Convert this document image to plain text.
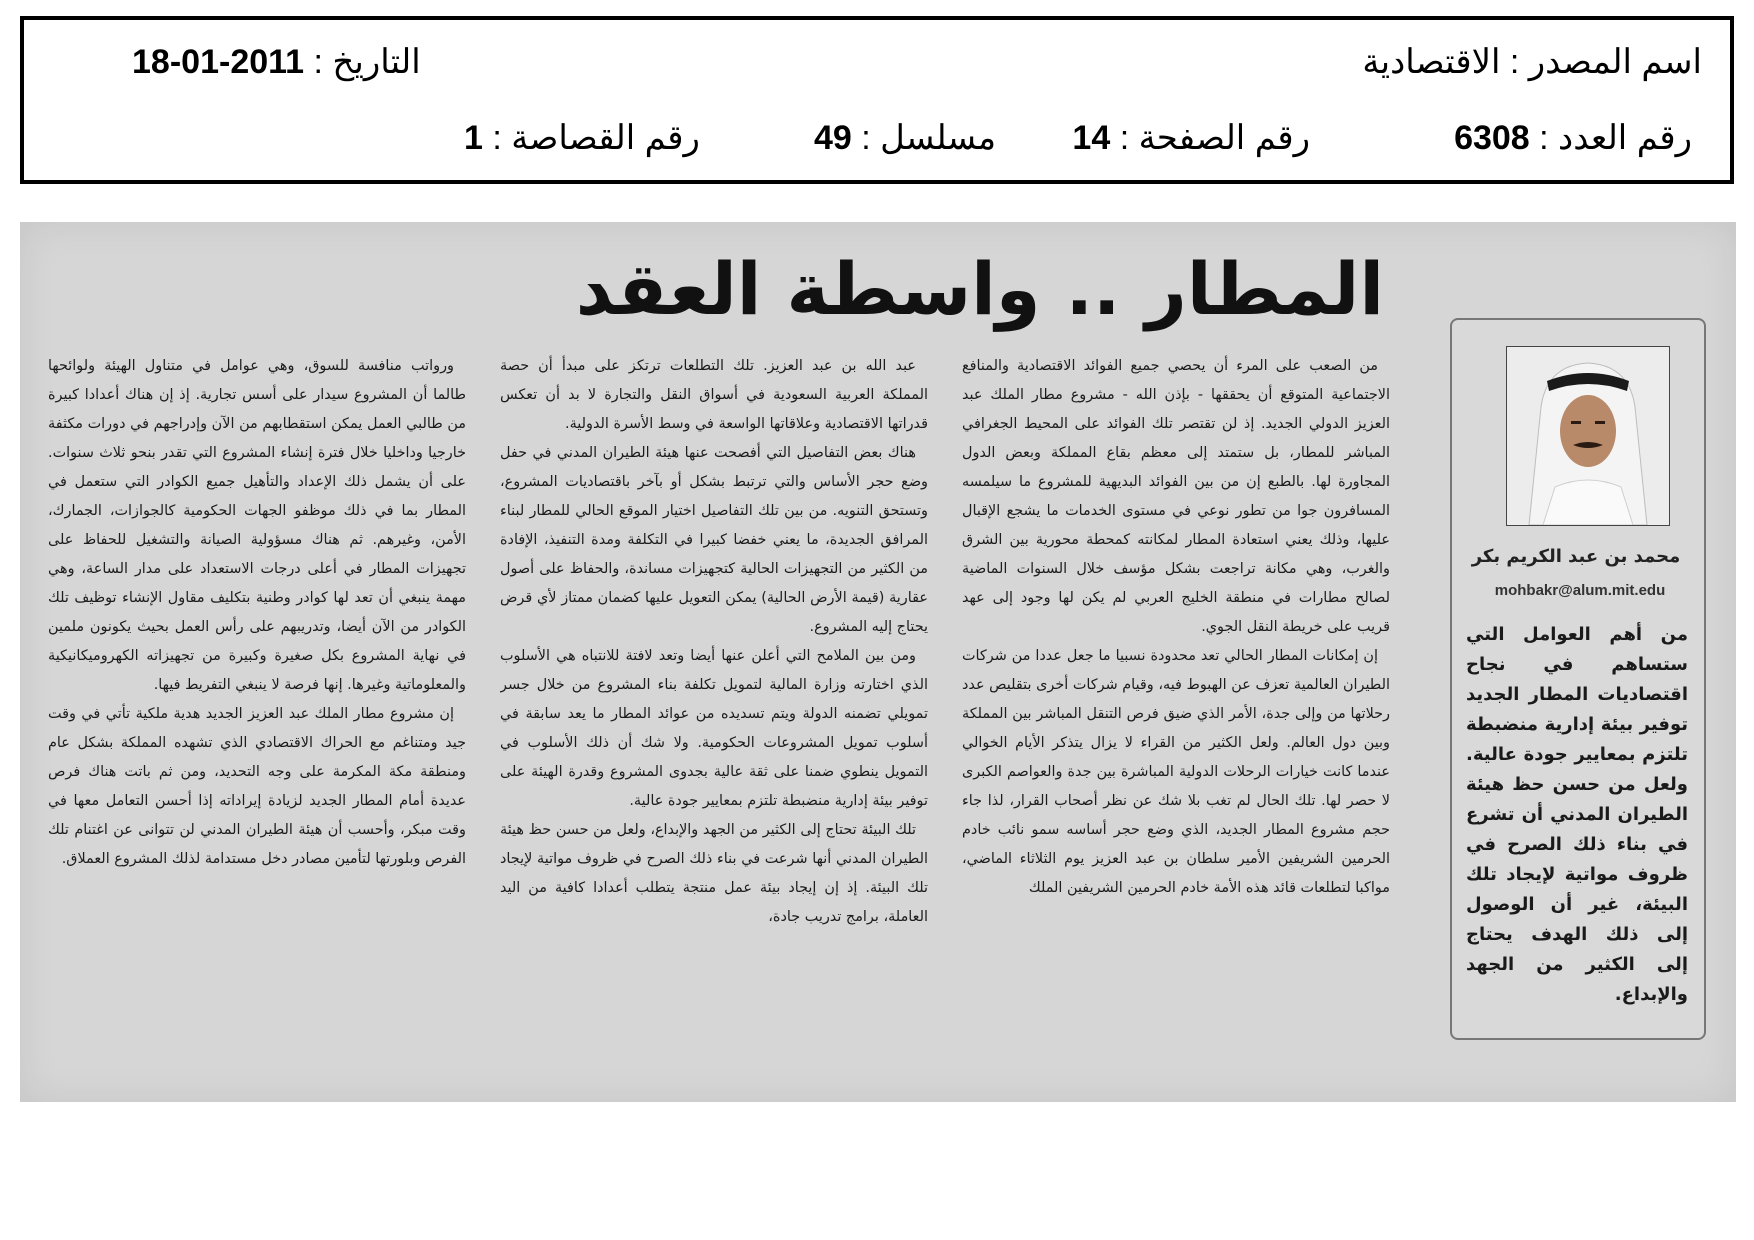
اسم المصدر : الاقتصادية
التاريخ : 2011-01-18
رقم العدد : 6308
رقم الصفحة : 14
مسلسل : 49
رقم القصاصة : 1
المطار .. واسطة العقد

من الصعب على المرء أن يحصي جميع الفوائد الاقتصادية والمنافع الاجتماعية المتوقع أن يحققها - بإذن الله - مشروع مطار الملك عبد العزيز الدولي الجديد. إذ لن تقتصر تلك الفوائد على المحيط الجغرافي المباشر للمطار، بل ستمتد إلى معظم بقاع المملكة وبعض الدول المجاورة لها. بالطبع إن من بين الفوائد البديهية للمشروع ما سيلمسه المسافرون جوا من تطور نوعي في مستوى الخدمات ما يشجع الإقبال عليها، وذلك يعني استعادة المطار لمكانته كمحطة محورية بين الشرق والغرب، وهي مكانة تراجعت بشكل مؤسف خلال السنوات الماضية لصالح مطارات في منطقة الخليج العربي لم يكن لها وجود إلى عهد قريب على خريطة النقل الجوي.

إن إمكانات المطار الحالي تعد محدودة نسبيا ما جعل عددا من شركات الطيران العالمية تعزف عن الهبوط فيه، وقيام شركات أخرى بتقليص عدد رحلاتها من وإلى جدة، الأمر الذي ضيق فرص التنقل المباشر بين المملكة وبين دول العالم. ولعل الكثير من القراء لا يزال يتذكر الأيام الخوالي عندما كانت خيارات الرحلات الدولية المباشرة بين جدة والعواصم الكبرى لا حصر لها. تلك الحال لم تغب بلا شك عن نظر أصحاب القرار، لذا جاء حجم مشروع المطار الجديد، الذي وضع حجر أساسه سمو نائب خادم الحرمين الشريفين الأمير سلطان بن عبد العزيز يوم الثلاثاء الماضي، مواكبا لتطلعات قائد هذه الأمة خادم الحرمين الشريفين الملك

عبد الله بن عبد العزيز. تلك التطلعات ترتكز على مبدأ أن حصة المملكة العربية السعودية في أسواق النقل والتجارة لا بد أن تعكس قدراتها الاقتصادية وعلاقاتها الواسعة في وسط الأسرة الدولية.

هناك بعض التفاصيل التي أفصحت عنها هيئة الطيران المدني في حفل وضع حجر الأساس والتي ترتبط بشكل أو بآخر باقتصاديات المشروع، وتستحق التنويه. من بين تلك التفاصيل اختيار الموقع الحالي للمطار لبناء المرافق الجديدة، ما يعني خفضا كبيرا في التكلفة ومدة التنفيذ، الإفادة من الكثير من التجهيزات الحالية كتجهيزات مساندة، والحفاظ على أصول عقارية (قيمة الأرض الحالية) يمكن التعويل عليها كضمان ممتاز لأي قرض يحتاج إليه المشروع.

ومن بين الملامح التي أعلن عنها أيضا وتعد لافتة للانتباه هي الأسلوب الذي اختارته وزارة المالية لتمويل تكلفة بناء المشروع من خلال جسر تمويلي تضمنه الدولة ويتم تسديده من عوائد المطار ما يعد سابقة في أسلوب تمويل المشروعات الحكومية. ولا شك أن ذلك الأسلوب في التمويل ينطوي ضمنا على ثقة عالية بجدوى المشروع وقدرة الهيئة على توفير بيئة إدارية منضبطة تلتزم بمعايير جودة عالية.

تلك البيئة تحتاج إلى الكثير من الجهد والإبداع، ولعل من حسن حظ هيئة الطيران المدني أنها شرعت في بناء ذلك الصرح في ظروف مواتية لإيجاد تلك البيئة. إذ إن إيجاد بيئة عمل منتجة يتطلب أعدادا كافية من اليد العاملة، برامج تدريب جادة،

ورواتب منافسة للسوق، وهي عوامل في متناول الهيئة ولوائحها طالما أن المشروع سيدار على أسس تجارية. إذ إن هناك أعدادا كبيرة من طالبي العمل يمكن استقطابهم من الآن وإدراجهم في دورات مكثفة خارجيا وداخليا خلال فترة إنشاء المشروع التي تقدر بنحو ثلاث سنوات. على أن يشمل ذلك الإعداد والتأهيل جميع الكوادر التي ستعمل في المطار بما في ذلك موظفو الجهات الحكومية كالجوازات، الجمارك، الأمن، وغيرهم. ثم هناك مسؤولية الصيانة والتشغيل للحفاظ على تجهيزات المطار في أعلى درجات الاستعداد على مدار الساعة، وهي مهمة ينبغي أن تعد لها كوادر وطنية بتكليف مقاول الإنشاء توظيف تلك الكوادر من الآن أيضا، وتدريبهم على رأس العمل بحيث يكونون ملمين في نهاية المشروع بكل صغيرة وكبيرة من تجهيزاته الكهروميكانيكية والمعلوماتية وغيرها. إنها فرصة لا ينبغي التفريط فيها.

إن مشروع مطار الملك عبد العزيز الجديد هدية ملكية تأتي في وقت جيد ومتناغم مع الحراك الاقتصادي الذي تشهده المملكة بشكل عام ومنطقة مكة المكرمة على وجه التحديد، ومن ثم باتت هناك فرص عديدة أمام المطار الجديد لزيادة إيراداته إذا أحسن التعامل معها في وقت مبكر، وأحسب أن هيئة الطيران المدني لن تتوانى عن اغتنام تلك الفرص وبلورتها لتأمين مصادر دخل مستدامة لذلك المشروع العملاق.

محمد بن عبد الكريم بكر
mohbakr@alum.mit.edu
من أهم العوامل التي ستساهم في نجاح اقتصاديات المطار الجديد توفير بيئة إدارية منضبطة تلتزم بمعايير جودة عالية. ولعل من حسن حظ هيئة الطيران المدني أن تشرع في بناء ذلك الصرح في ظروف مواتية لإيجاد تلك البيئة، غير أن الوصول إلى ذلك الهدف يحتاج إلى الكثير من الجهد والإبداع.
